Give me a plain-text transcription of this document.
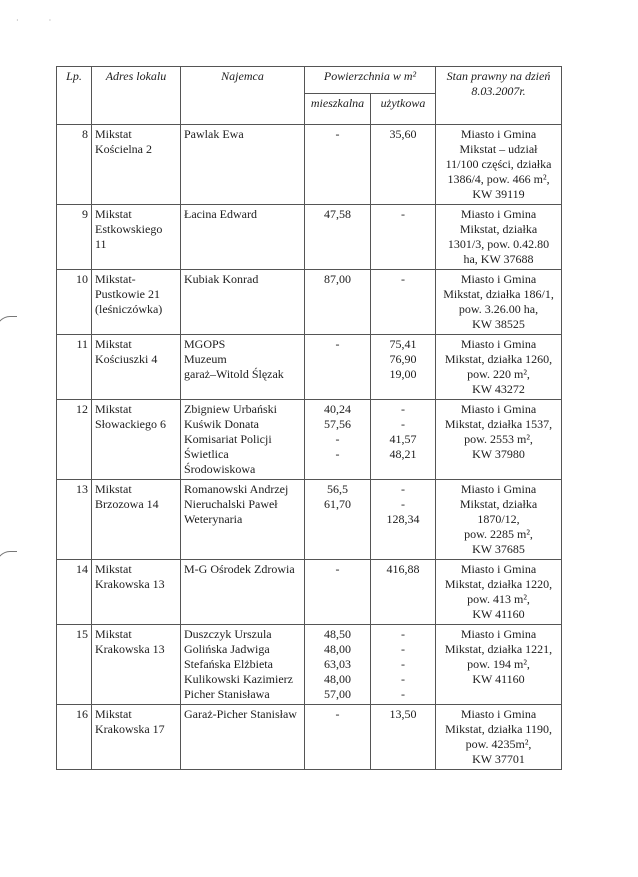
· ·
Lp.	Adres lokalu	Najemca	Powierzchnia w m²		Stan prawny na dzień 8.03.2007r.
			mieszkalna	użytkowa	
8	Mikstat
Kościelna 2	Pawlak Ewa	-	35,60	Miasto i Gmina
Mikstat – udział
11/100 części, działka
1386/4, pow. 466 m²,
KW 39119

9	Mikstat
Estkowskiego
11	Łacina Edward	47,58	-	Miasto i Gmina
Mikstat, działka
1301/3, pow. 0.42.80
ha, KW 37688

10	Mikstat-
Pustkowie 21
(leśniczówka)	Kubiak Konrad	87,00	-	Miasto i Gmina
Mikstat, działka 186/1,
pow. 3.26.00 ha,
KW 38525

11	Mikstat
Kościuszki 4	MGOPS
Muzeum
garaż–Witold Ślęzak	-	75,41
76,90
19,00	Miasto i Gmina
Mikstat, działka 1260,
pow. 220 m²,
KW 43272

12	Mikstat
Słowackiego 6	Zbigniew Urbański
Kuświk Donata
Komisariat Policji
Świetlica
Środowiskowa	40,24
57,56
-
-	-
-
41,57
48,21	Miasto i Gmina
Mikstat, działka 1537,
pow. 2553 m²,
KW 37980

13	Mikstat
Brzozowa 14	Romanowski Andrzej
Nieruchalski Paweł
Weterynaria	56,5
61,70	-
-
128,34	Miasto i Gmina
Mikstat, działka
1870/12,
pow. 2285 m²,
KW 37685

14	Mikstat
Krakowska 13	M-G Ośrodek Zdrowia	-	416,88	Miasto i Gmina
Mikstat, działka 1220,
pow. 413 m²,
KW 41160

15	Mikstat
Krakowska 13	Duszczyk Urszula
Golińska Jadwiga
Stefańska Elżbieta
Kulikowski Kazimierz
Picher Stanisława	48,50
48,00
63,03
48,00
57,00	-
-
-
-
-	Miasto i Gmina
Mikstat, działka 1221,
pow. 194 m²,
KW 41160

16	Mikstat
Krakowska 17	Garaż-Picher Stanisław	-	13,50	Miasto i Gmina
Mikstat, działka 1190,
pow. 4235m²,
KW 37701
